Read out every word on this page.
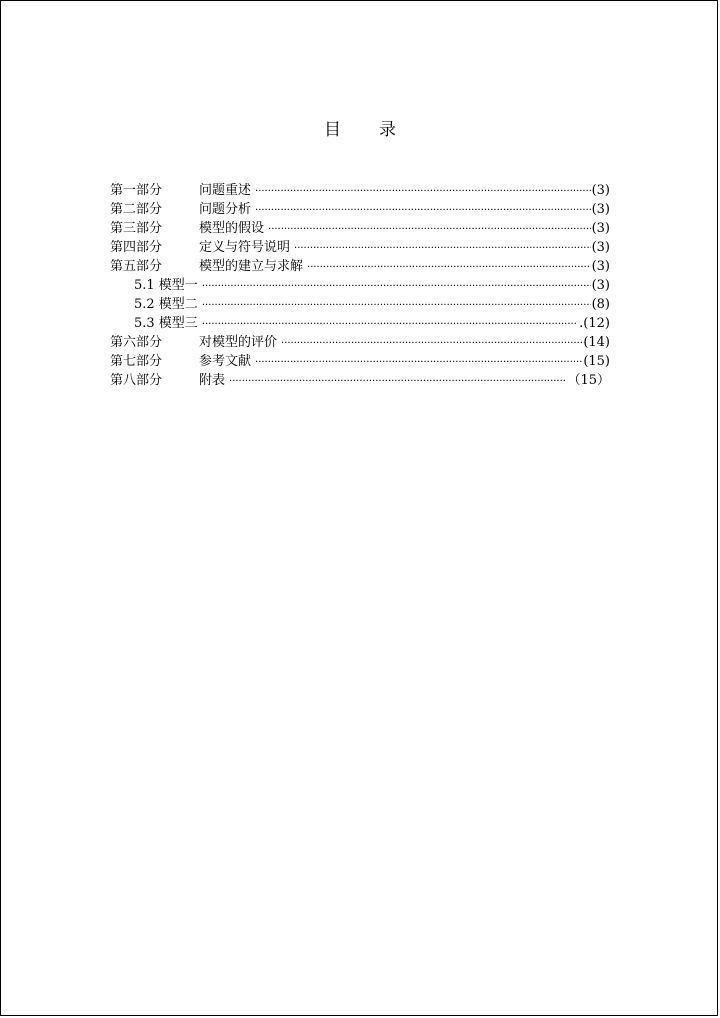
目 录
第一部分	问题重述 ·····	(3)
第二部分	问题分析 ·····	(3)
第三部分	模型的假设 ·····	(3)
第四部分	定义与符号说明 ·····	(3)
第五部分	模型的建立与求解 ·····	(3)
5.1 模型一 ·····	(3)
5.2 模型二 ·····	(8)
5.3 模型三 ·····	.(12)
第六部分	对模型的评价 ·····	(14)
第七部分	参考文献 ·····	(15)
第八部分	附表 ·····	（15）
